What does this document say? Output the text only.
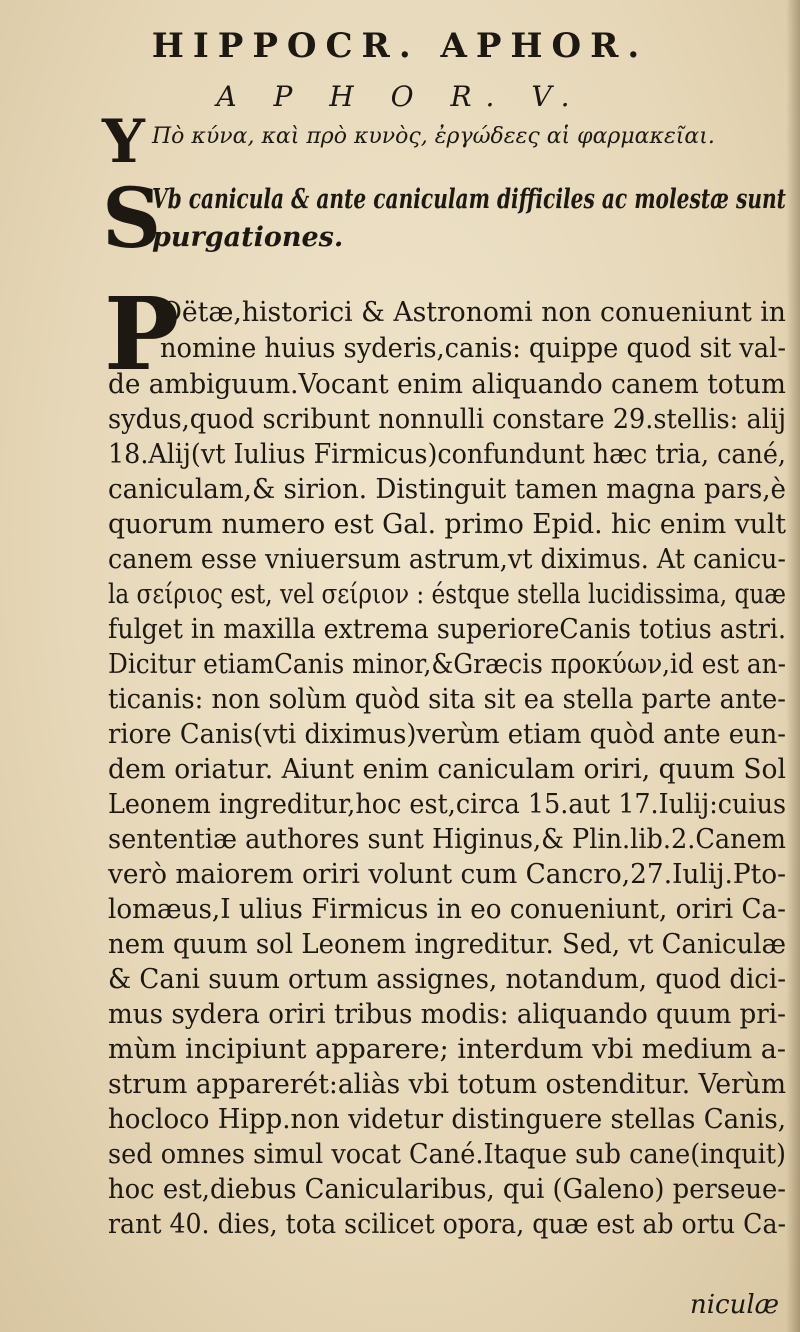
HIPPOCR. APHOR.
A P H O R. V.
Υ Πὸ κύνα, καὶ πρὸ κυνὸς, ἐργώδεες αἱ φαρμακεῖαι.
S
Vb canicula & ante caniculam difficiles ac molestæ sunt
purgationes.
P
Oëtæ,historici & Astronomi non conueniunt in
nomine huius syderis,canis: quippe quod sit val-
de ambiguum.Vocant enim aliquando canem totum
sydus,quod scribunt nonnulli constare 29.stellis: alij
18.Alij(vt Iulius Firmicus)confundunt hæc tria, cané,
caniculam,& sirion. Distinguit tamen magna pars,è
quorum numero est Gal. primo Epid. hic enim vult
canem esse vniuersum astrum,vt diximus. At canicu-
la σείριος est, vel σείριον : éstque stella lucidissima, quæ
fulget in maxilla extrema superioreCanis totius astri.
Dicitur etiamCanis minor,&Græcis προκύων,id est an-
ticanis: non solùm quòd sita sit ea stella parte ante-
riore Canis(vti diximus)verùm etiam quòd ante eun-
dem oriatur. Aiunt enim caniculam oriri, quum Sol
Leonem ingreditur,hoc est,circa 15.aut 17.Iulij:cuius
sententiæ authores sunt Higinus,& Plin.lib.2.Canem
verò maiorem oriri volunt cum Cancro,27.Iulij.Pto-
lomæus,I ulius Firmicus in eo conueniunt, oriri Ca-
nem quum sol Leonem ingreditur. Sed, vt Caniculæ
& Cani suum ortum assignes, notandum, quod dici-
mus sydera oriri tribus modis: aliquando quum pri-
mùm incipiunt apparere; interdum vbi medium a-
strum apparerét:aliàs vbi totum ostenditur. Verùm
hocloco Hipp.non videtur distinguere stellas Canis,
sed omnes simul vocat Cané.Itaque sub cane(inquit)
hoc est,diebus Canicularibus, qui (Galeno) perseue-
rant 40. dies, tota scilicet opora, quæ est ab ortu Ca-
niculæ
